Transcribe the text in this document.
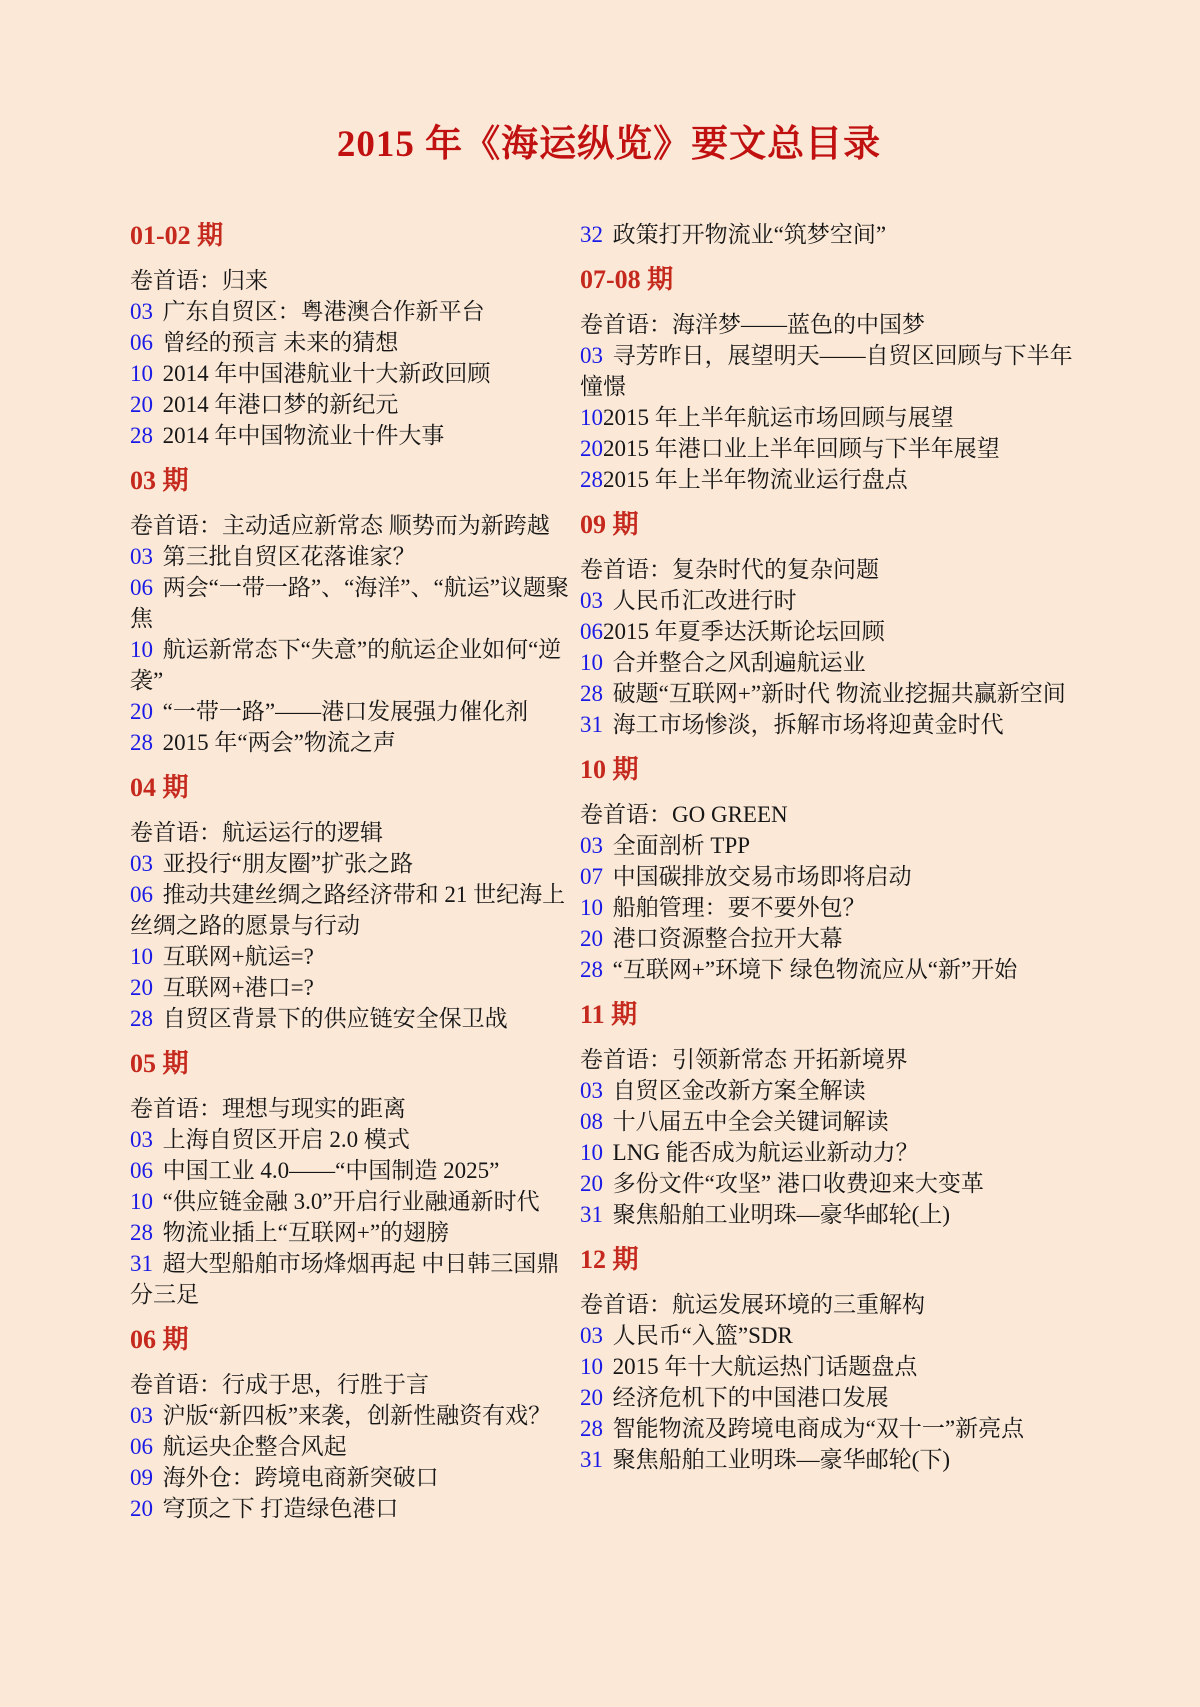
2015 年《海运纵览》要文总目录
01-02 期

卷首语：归来

03 广东自贸区：粤港澳合作新平台

06 曾经的预言 未来的猜想

10 2014 年中国港航业十大新政回顾

20 2014 年港口梦的新纪元

28 2014 年中国物流业十件大事

03 期

卷首语：主动适应新常态 顺势而为新跨越

03 第三批自贸区花落谁家？

06 两会“一带一路”、“海洋”、“航运”议题聚焦

10 航运新常态下“失意”的航运企业如何“逆袭”

20 “一带一路”——港口发展强力催化剂

28 2015 年“两会”物流之声

04 期

卷首语：航运运行的逻辑

03 亚投行“朋友圈”扩张之路

06 推动共建丝绸之路经济带和 21 世纪海上丝绸之路的愿景与行动

10 互联网+航运=?

20 互联网+港口=?

28 自贸区背景下的供应链安全保卫战

05 期

卷首语：理想与现实的距离

03 上海自贸区开启 2.0 模式

06 中国工业 4.0——“中国制造 2025”

10 “供应链金融 3.0”开启行业融通新时代

28 物流业插上“互联网+”的翅膀

31 超大型船舶市场烽烟再起 中日韩三国鼎分三足

06 期

卷首语：行成于思，行胜于言

03 沪版“新四板”来袭，创新性融资有戏？

06 航运央企整合风起

09 海外仓：跨境电商新突破口

20 穹顶之下 打造绿色港口

32 政策打开物流业“筑梦空间”

07-08 期

卷首语：海洋梦——蓝色的中国梦

03 寻芳昨日，展望明天——自贸区回顾与下半年憧憬

102015 年上半年航运市场回顾与展望

202015 年港口业上半年回顾与下半年展望

282015 年上半年物流业运行盘点

09 期

卷首语：复杂时代的复杂问题

03 人民币汇改进行时

062015 年夏季达沃斯论坛回顾

10 合并整合之风刮遍航运业

28 破题“互联网+”新时代 物流业挖掘共赢新空间

31 海工市场惨淡，拆解市场将迎黄金时代

10 期

卷首语：GO GREEN

03 全面剖析 TPP

07 中国碳排放交易市场即将启动

10 船舶管理：要不要外包？

20 港口资源整合拉开大幕

28 “互联网+”环境下 绿色物流应从“新”开始

11 期

卷首语：引领新常态 开拓新境界

03 自贸区金改新方案全解读

08 十八届五中全会关键词解读

10 LNG 能否成为航运业新动力？

20 多份文件“攻坚” 港口收费迎来大变革

31 聚焦船舶工业明珠—豪华邮轮(上)

12 期

卷首语：航运发展环境的三重解构

03 人民币“入篮”SDR

10 2015 年十大航运热门话题盘点

20 经济危机下的中国港口发展

28 智能物流及跨境电商成为“双十一”新亮点

31 聚焦船舶工业明珠—豪华邮轮(下)
